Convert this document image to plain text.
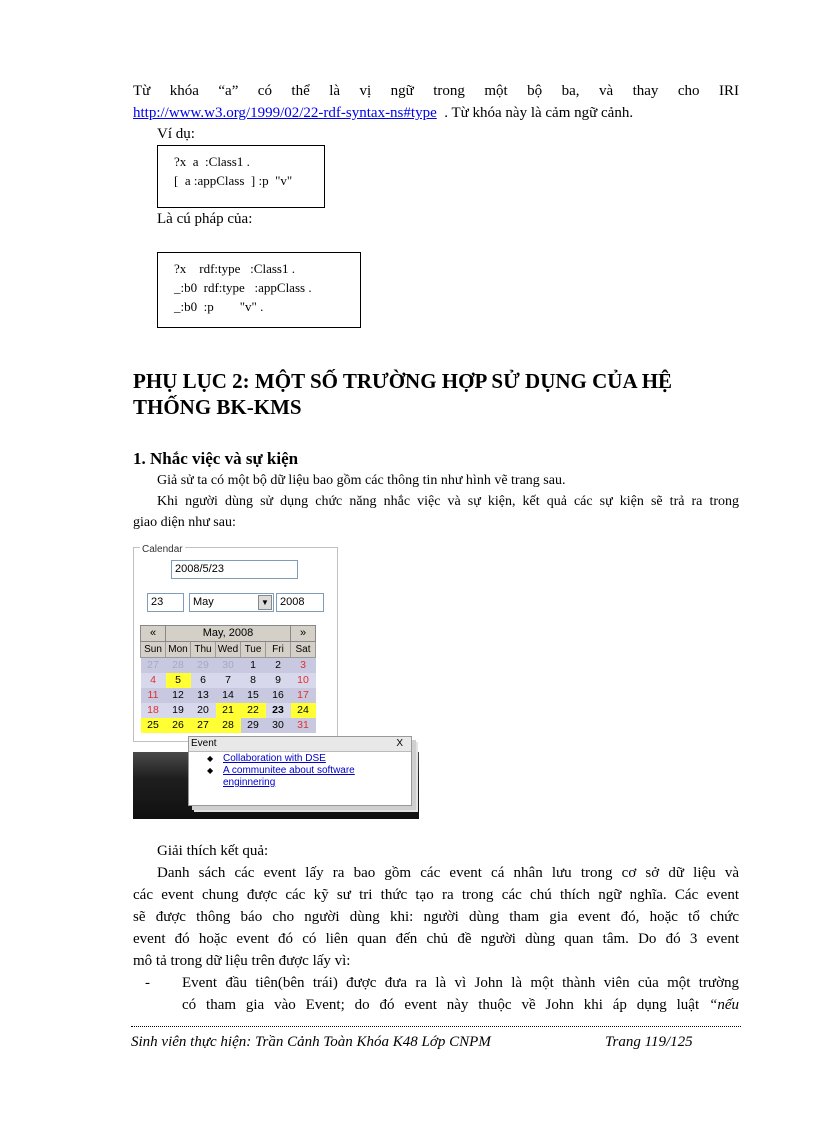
Từ khóa “a” có thể là vị ngữ trong một bộ ba, và thay cho IRI
http://www.w3.org/1999/02/22-rdf-syntax-ns#type . Từ khóa này là cảm ngữ cảnh.
Ví dụ:
?x  a  :Class1 .
[  a :appClass  ] :p  "v"
Là cú pháp của:
?x    rdf:type   :Class1 .
_:b0  rdf:type   :appClass .
_:b0  :p        "v" .
PHỤ LỤC 2: MỘT SỐ TRƯỜNG HỢP SỬ DỤNG CỦA HỆ THỐNG BK-KMS
1. Nhắc việc và sự kiện
Giả sử ta có một bộ dữ liệu bao gồm các thông tin như hình vẽ trang sau.
Khi người dùng sử dụng chức năng nhắc việc và sự kiện, kết quả các sự kiện sẽ trả ra trong
giao diện như sau:
Calendar
2008/5/23
23	May	▼	2008
«	May, 2008					»
Sun	Mon	Thu	Wed	Tue	Fri	Sat
27	28	29	30	1	2	3
4	5	6	7	8	9	10
11	12	13	14	15	16	17
18	19	20	21	22	23	24
25	26	27	28	29	30	31
Event	X
◆ Collaboration with DSE
◆ A communitee about software
enginnering
Giải thích kết quả:
Danh sách các event lấy ra bao gồm các event cá nhân lưu trong cơ sở dữ liệu và
các event chung được các kỹ sư tri thức tạo ra trong các chú thích ngữ nghĩa. Các event
sẽ được thông báo cho người dùng khi: người dùng tham gia event đó, hoặc tổ chức
event đó hoặc event đó có liên quan đến chủ đề người dùng quan tâm. Do đó 3 event
mô tả trong dữ liệu trên được lấy vì:
- Event đầu tiên(bên trái) được đưa ra là vì John là một thành viên của một trường
có tham gia vào Event; do đó event này thuộc về John khi áp dụng luật “nếu
Sinh viên thực hiện: Trần Cảnh Toàn Khóa K48 Lớp CNPM	Trang 119/125
